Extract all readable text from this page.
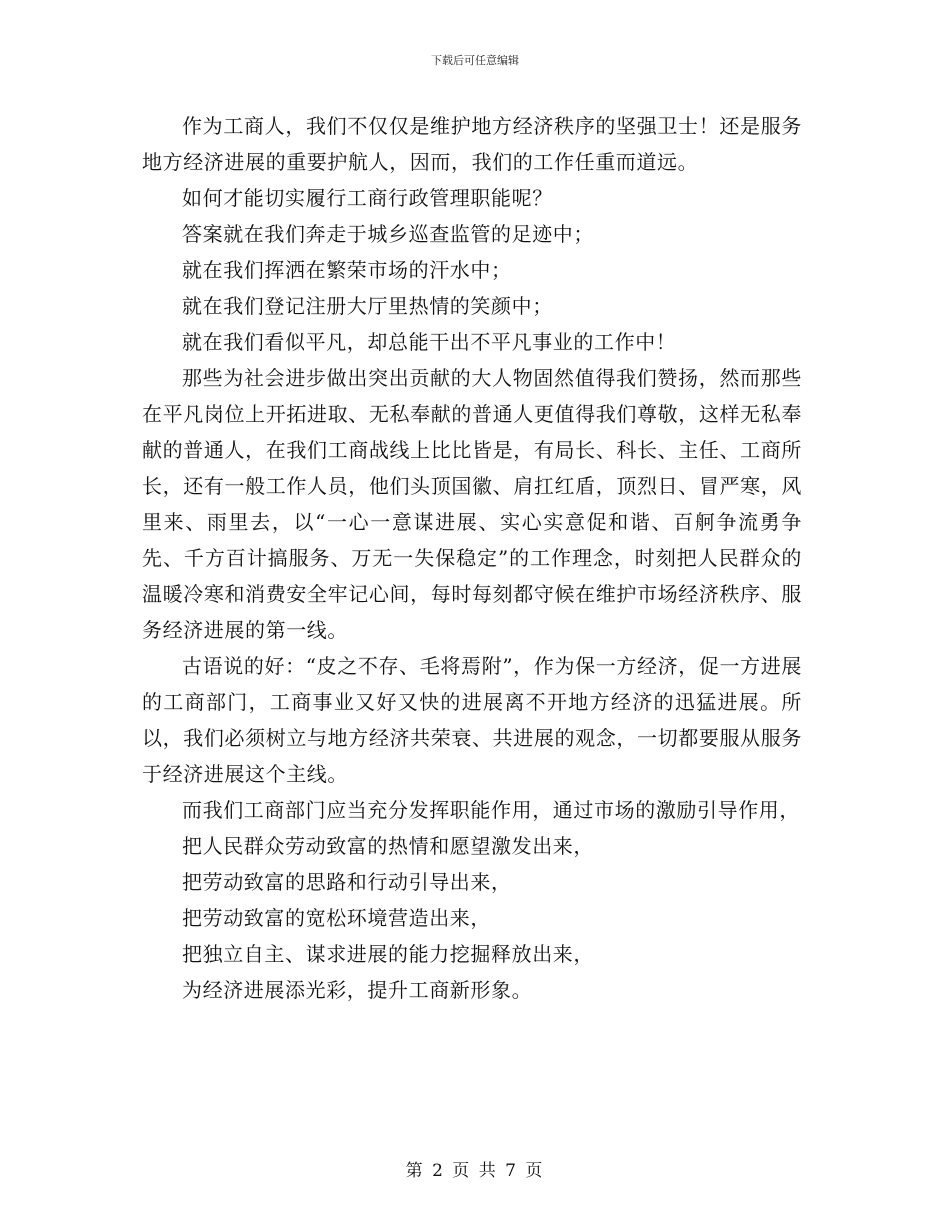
下载后可任意编辑

作为工商人，我们不仅仅是维护地方经济秩序的坚强卫士！还是服务地方经济进展的重要护航人，因而，我们的工作任重而道远。

如何才能切实履行工商行政管理职能呢？

答案就在我们奔走于城乡巡查监管的足迹中；

就在我们挥洒在繁荣市场的汗水中；

就在我们登记注册大厅里热情的笑颜中；

就在我们看似平凡，却总能干出不平凡事业的工作中！

那些为社会进步做出突出贡献的大人物固然值得我们赞扬，然而那些在平凡岗位上开拓进取、无私奉献的普通人更值得我们尊敬，这样无私奉献的普通人，在我们工商战线上比比皆是，有局长、科长、主任、工商所长，还有一般工作人员，他们头顶国徽、肩扛红盾，顶烈日、冒严寒，风里来、雨里去，以“一心一意谋进展、实心实意促和谐、百舸争流勇争先、千方百计搞服务、万无一失保稳定”的工作理念，时刻把人民群众的温暖冷寒和消费安全牢记心间，每时每刻都守候在维护市场经济秩序、服务经济进展的第一线。

古语说的好：“皮之不存、毛将焉附”，作为保一方经济，促一方进展的工商部门，工商事业又好又快的进展离不开地方经济的迅猛进展。所以，我们必须树立与地方经济共荣衰、共进展的观念，一切都要服从服务于经济进展这个主线。

而我们工商部门应当充分发挥职能作用，通过市场的激励引导作用，

把人民群众劳动致富的热情和愿望激发出来，

把劳动致富的思路和行动引导出来，

把劳动致富的宽松环境营造出来，

把独立自主、谋求进展的能力挖掘释放出来，

为经济进展添光彩，提升工商新形象。

第 2 页 共 7 页
